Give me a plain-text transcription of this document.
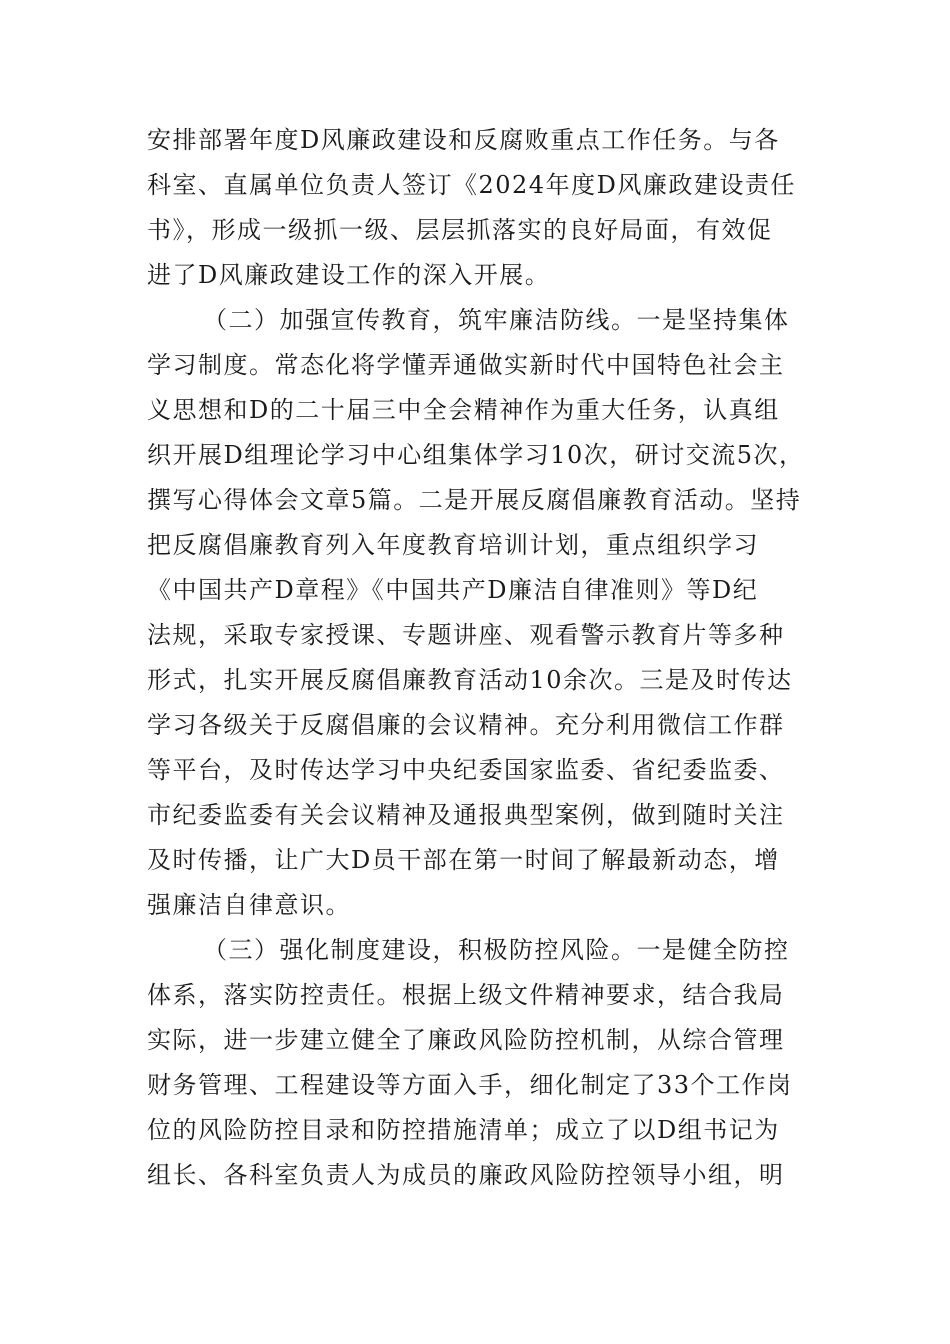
安排部署年度D风廉政建设和反腐败重点工作任务。与各
科室、直属单位负责人签订《2024年度D风廉政建设责任
书》，形成一级抓一级、层层抓落实的良好局面，有效促
进了D风廉政建设工作的深入开展。
（二）加强宣传教育，筑牢廉洁防线。一是坚持集体
学习制度。常态化将学懂弄通做实新时代中国特色社会主
义思想和D的二十届三中全会精神作为重大任务，认真组
织开展D组理论学习中心组集体学习10次，研讨交流5次，
撰写心得体会文章5篇。二是开展反腐倡廉教育活动。坚持
把反腐倡廉教育列入年度教育培训计划，重点组织学习
《中国共产D章程》《中国共产D廉洁自律准则》等D纪
法规，采取专家授课、专题讲座、观看警示教育片等多种
形式，扎实开展反腐倡廉教育活动10余次。三是及时传达
学习各级关于反腐倡廉的会议精神。充分利用微信工作群
等平台，及时传达学习中央纪委国家监委、省纪委监委、
市纪委监委有关会议精神及通报典型案例，做到随时关注
及时传播，让广大D员干部在第一时间了解最新动态，增
强廉洁自律意识。
（三）强化制度建设，积极防控风险。一是健全防控
体系，落实防控责任。根据上级文件精神要求，结合我局
实际，进一步建立健全了廉政风险防控机制，从综合管理
财务管理、工程建设等方面入手，细化制定了33个工作岗
位的风险防控目录和防控措施清单；成立了以D组书记为
组长、各科室负责人为成员的廉政风险防控领导小组，明
